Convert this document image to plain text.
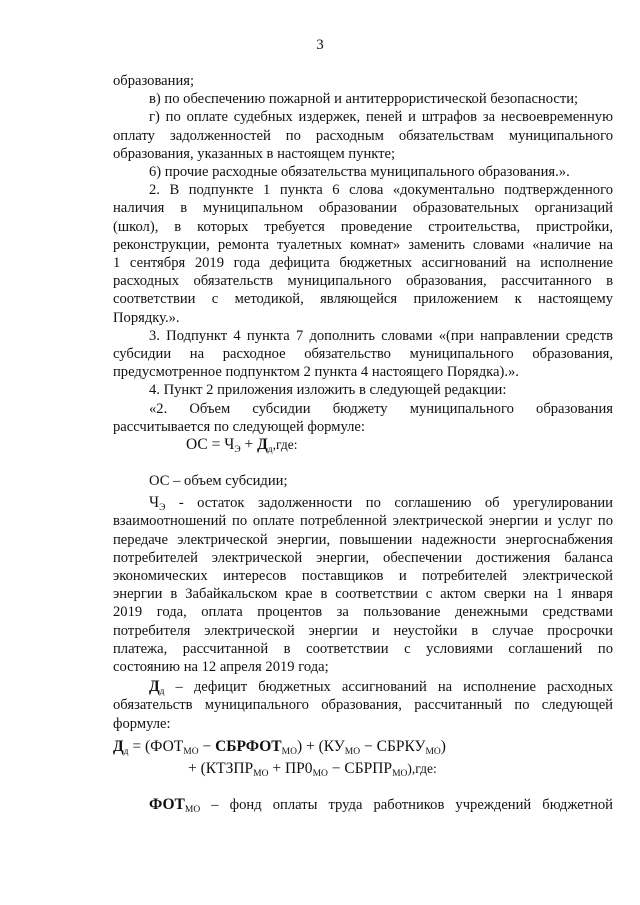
3
образования;
в) по обеспечению пожарной и антитеррористической безопасности;
г) по оплате судебных издержек, пеней и штрафов за несвоевременную
оплату задолженностей по расходным обязательствам муниципального
образования, указанных в настоящем пункте;
6) прочие расходные обязательства муниципального образования.».
2. В подпункте 1 пункта 6 слова «документально подтвержденного
наличия в муниципальном образовании образовательных организаций
(школ), в которых требуется проведение строительства, пристройки,
реконструкции, ремонта туалетных комнат» заменить словами «наличие на
1 сентября 2019 года дефицита бюджетных ассигнований на исполнение
расходных обязательств муниципального образования, рассчитанного в
соответствии с методикой, являющейся приложением к настоящему
Порядку.».
3. Подпункт 4 пункта 7 дополнить словами «(при направлении средств
субсидии на расходное обязательство муниципального образования,
предусмотренное подпунктом 2 пункта 4 настоящего Порядка).».
4. Пункт 2 приложения изложить в следующей редакции:
«2. Объем субсидии бюджету муниципального образования
рассчитывается по следующей формуле:
ОС = $Ч_Э + Д_д,где$:
ОС – объем субсидии;
$Ч_Э$ - остаток задолженности по соглашению об урегулировании
взаимоотношений по оплате потребленной электрической энергии и услуг по
передаче электрической энергии, повышении надежности энергоснабжения
потребителей электрической энергии, обеспечении достижения баланса
экономических интересов поставщиков и потребителей электрической
энергии в Забайкальском крае в соответствии с актом сверки на 1 января
2019 года, оплата процентов за пользование денежными средствами
потребителя электрической энергии и неустойки в случае просрочки
платежа, рассчитанной в соответствии с условиями соглашений по
состоянию на 12 апреля 2019 года;
$Д_д$ – дефицит бюджетных ассигнований на исполнение расходных
обязательств муниципального образования, рассчитанный по следующей
формуле:
$Д_д = (ФОТ_{МО}$ − $СБРФОТ_{МО}) + (КУ_{МО}$ − $СБРКУ_{МО}$)
+ ($КТЗПР_{МО} + ПР0_{МО}$ − $СБРПР_{МО}),где$:
$ФОТ_{МО}$ – фонд оплаты труда работников учреждений бюджетной
